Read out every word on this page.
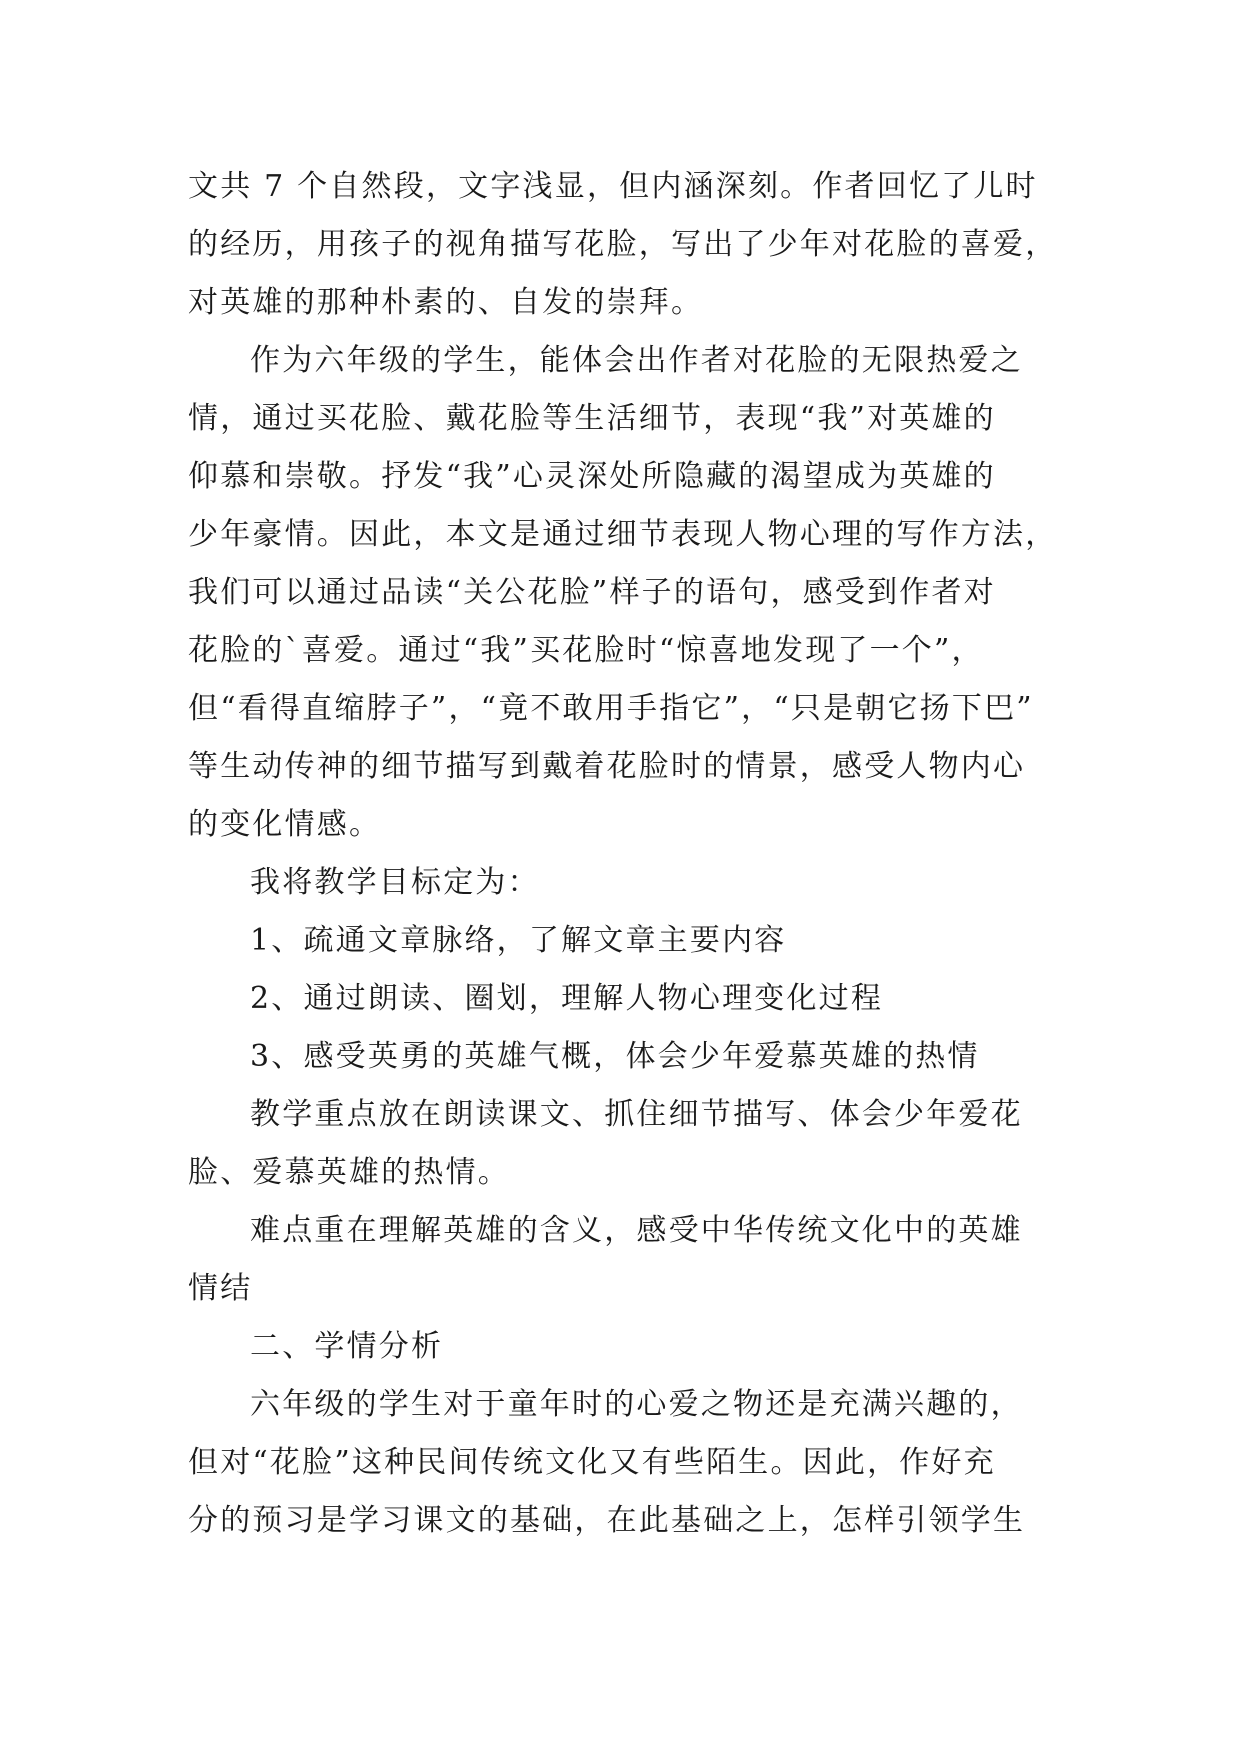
文共 7 个自然段，文字浅显，但内涵深刻。作者回忆了儿时
的经历，用孩子的视角描写花脸，写出了少年对花脸的喜爱，
对英雄的那种朴素的、自发的崇拜。
作为六年级的学生，能体会出作者对花脸的无限热爱之
情，通过买花脸、戴花脸等生活细节，表现“我”对英雄的
仰慕和崇敬。抒发“我”心灵深处所隐藏的渴望成为英雄的
少年豪情。因此，本文是通过细节表现人物心理的写作方法，
我们可以通过品读“关公花脸”样子的语句，感受到作者对
花脸的`喜爱。通过“我”买花脸时“惊喜地发现了一个”，
但“看得直缩脖子”，“竟不敢用手指它”，“只是朝它扬下巴”
等生动传神的细节描写到戴着花脸时的情景，感受人物内心
的变化情感。
我将教学目标定为：
1、疏通文章脉络，了解文章主要内容
2、通过朗读、圈划，理解人物心理变化过程
3、感受英勇的英雄气概，体会少年爱慕英雄的热情
教学重点放在朗读课文、抓住细节描写、体会少年爱花
脸、爱慕英雄的热情。
难点重在理解英雄的含义，感受中华传统文化中的英雄
情结
二、学情分析
六年级的学生对于童年时的心爱之物还是充满兴趣的，
但对“花脸”这种民间传统文化又有些陌生。因此，作好充
分的预习是学习课文的基础，在此基础之上，怎样引领学生
